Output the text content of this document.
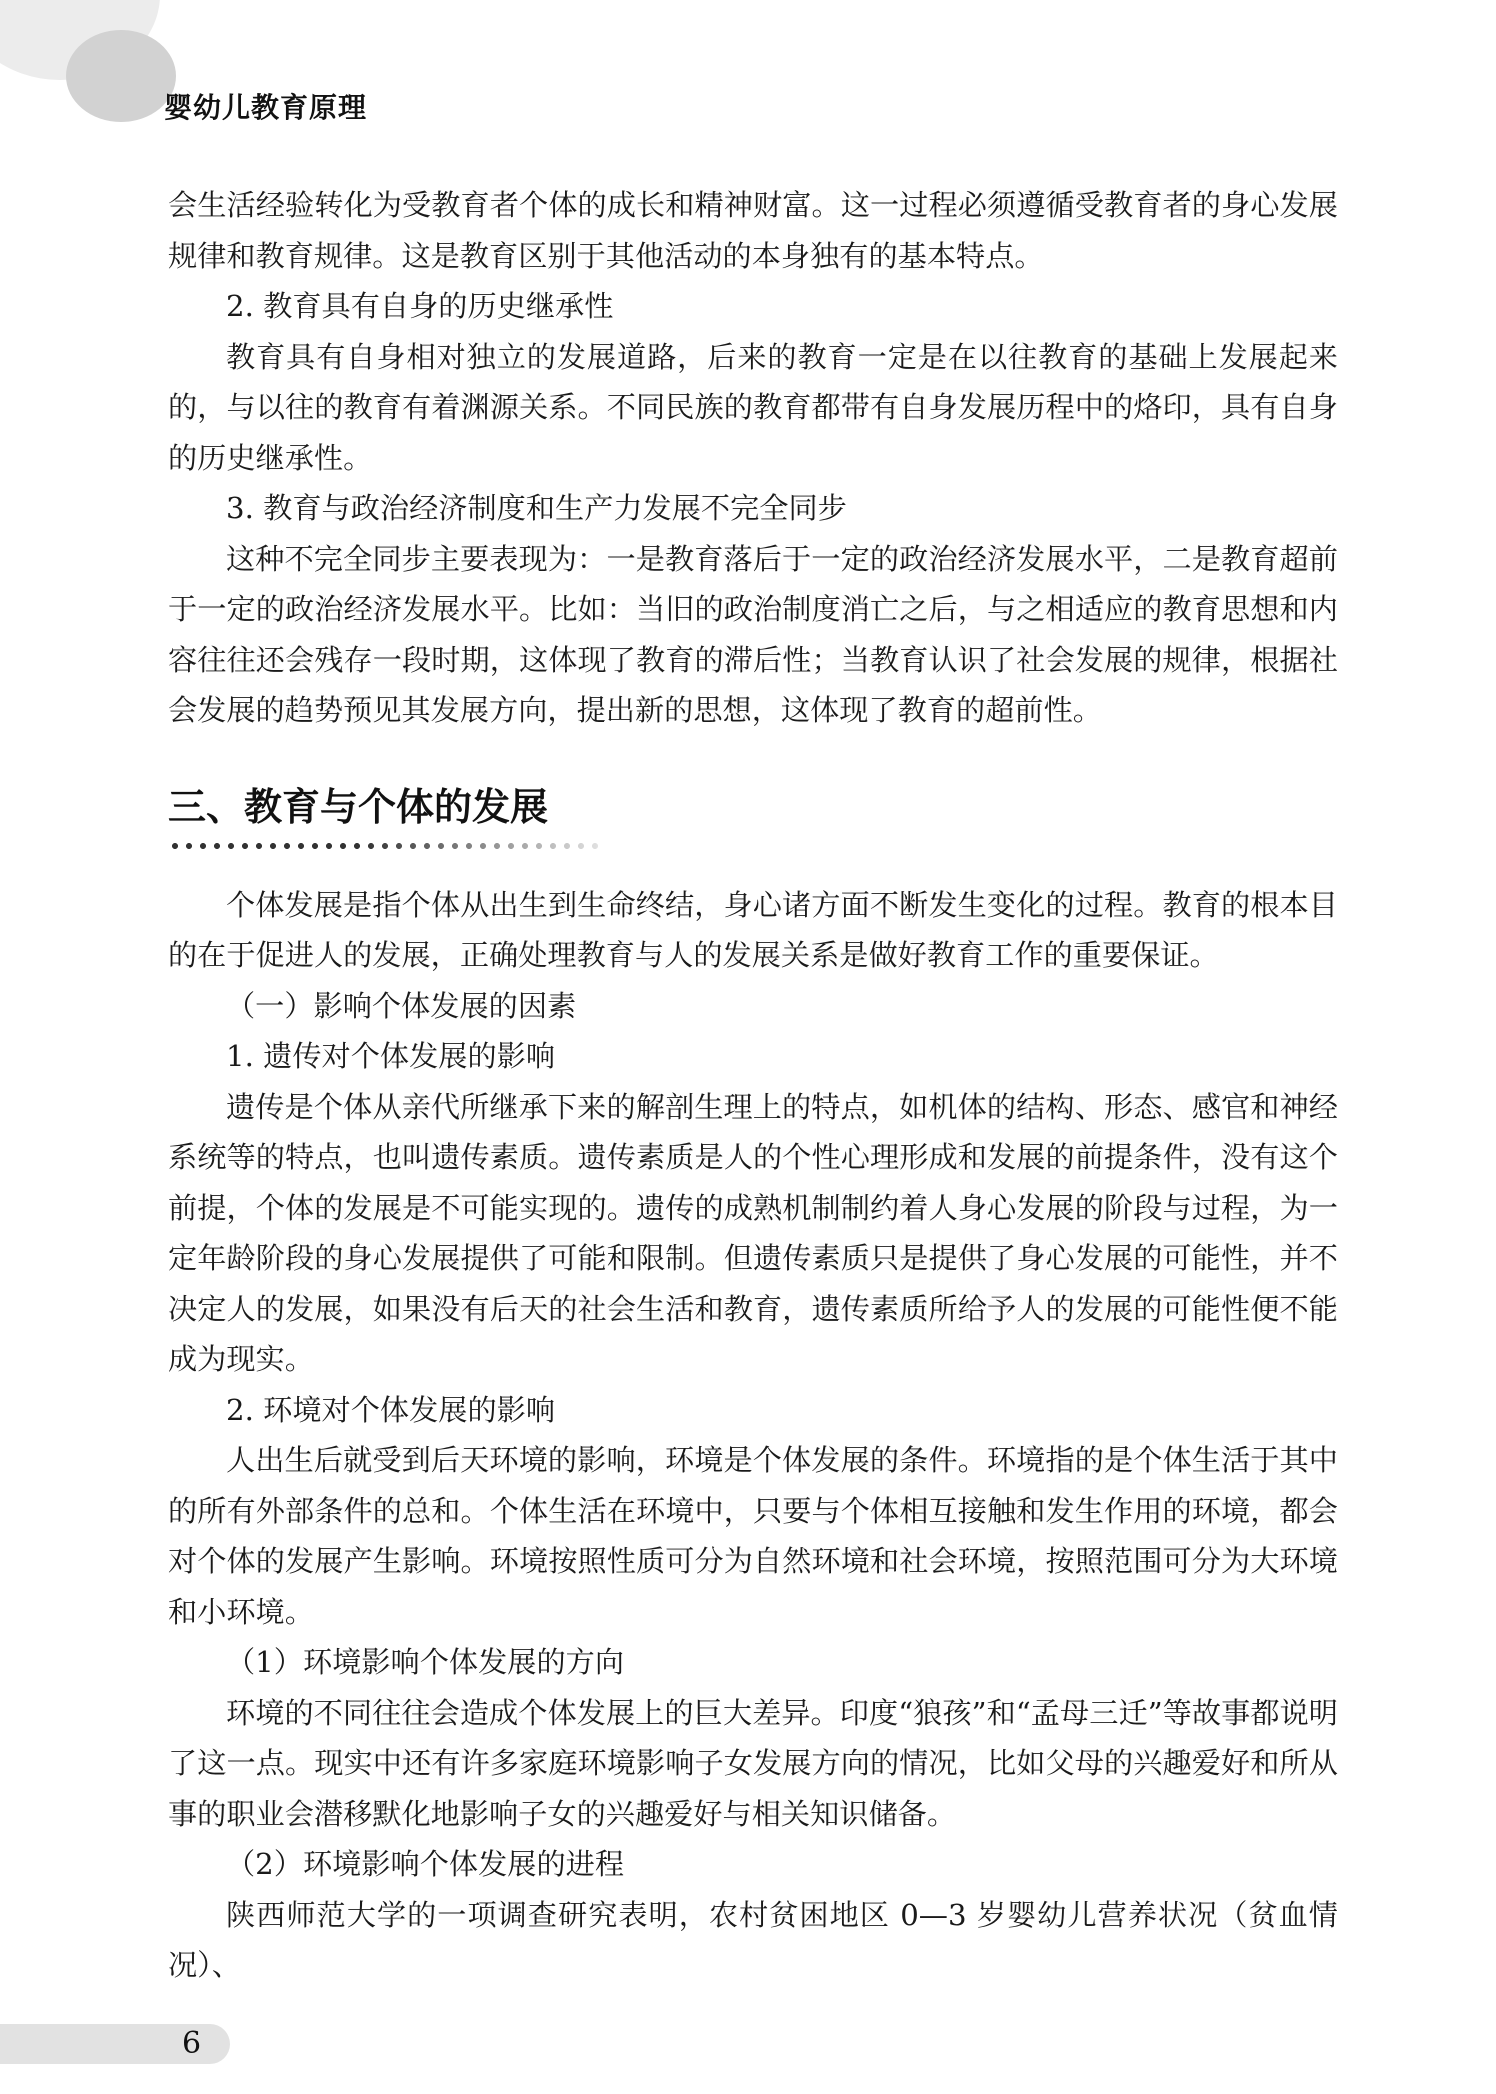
婴幼儿教育原理

会生活经验转化为受教育者个体的成长和精神财富。这一过程必须遵循受教育者的身心发展规律和教育规律。这是教育区别于其他活动的本身独有的基本特点。

2. 教育具有自身的历史继承性

教育具有自身相对独立的发展道路，后来的教育一定是在以往教育的基础上发展起来的，与以往的教育有着渊源关系。不同民族的教育都带有自身发展历程中的烙印，具有自身的历史继承性。

3. 教育与政治经济制度和生产力发展不完全同步

这种不完全同步主要表现为：一是教育落后于一定的政治经济发展水平，二是教育超前于一定的政治经济发展水平。比如：当旧的政治制度消亡之后，与之相适应的教育思想和内容往往还会残存一段时期，这体现了教育的滞后性；当教育认识了社会发展的规律，根据社会发展的趋势预见其发展方向，提出新的思想，这体现了教育的超前性。

三、教育与个体的发展

个体发展是指个体从出生到生命终结，身心诸方面不断发生变化的过程。教育的根本目的在于促进人的发展，正确处理教育与人的发展关系是做好教育工作的重要保证。

（一）影响个体发展的因素

1. 遗传对个体发展的影响

遗传是个体从亲代所继承下来的解剖生理上的特点，如机体的结构、形态、感官和神经系统等的特点，也叫遗传素质。遗传素质是人的个性心理形成和发展的前提条件，没有这个前提，个体的发展是不可能实现的。遗传的成熟机制制约着人身心发展的阶段与过程，为一定年龄阶段的身心发展提供了可能和限制。但遗传素质只是提供了身心发展的可能性，并不决定人的发展，如果没有后天的社会生活和教育，遗传素质所给予人的发展的可能性便不能成为现实。

2. 环境对个体发展的影响

人出生后就受到后天环境的影响，环境是个体发展的条件。环境指的是个体生活于其中的所有外部条件的总和。个体生活在环境中，只要与个体相互接触和发生作用的环境，都会对个体的发展产生影响。环境按照性质可分为自然环境和社会环境，按照范围可分为大环境和小环境。

（1）环境影响个体发展的方向

环境的不同往往会造成个体发展上的巨大差异。印度“狼孩”和“孟母三迁”等故事都说明了这一点。现实中还有许多家庭环境影响子女发展方向的情况，比如父母的兴趣爱好和所从事的职业会潜移默化地影响子女的兴趣爱好与相关知识储备。

（2）环境影响个体发展的进程

陕西师范大学的一项调查研究表明，农村贫困地区 0—3 岁婴幼儿营养状况（贫血情况）、

6
